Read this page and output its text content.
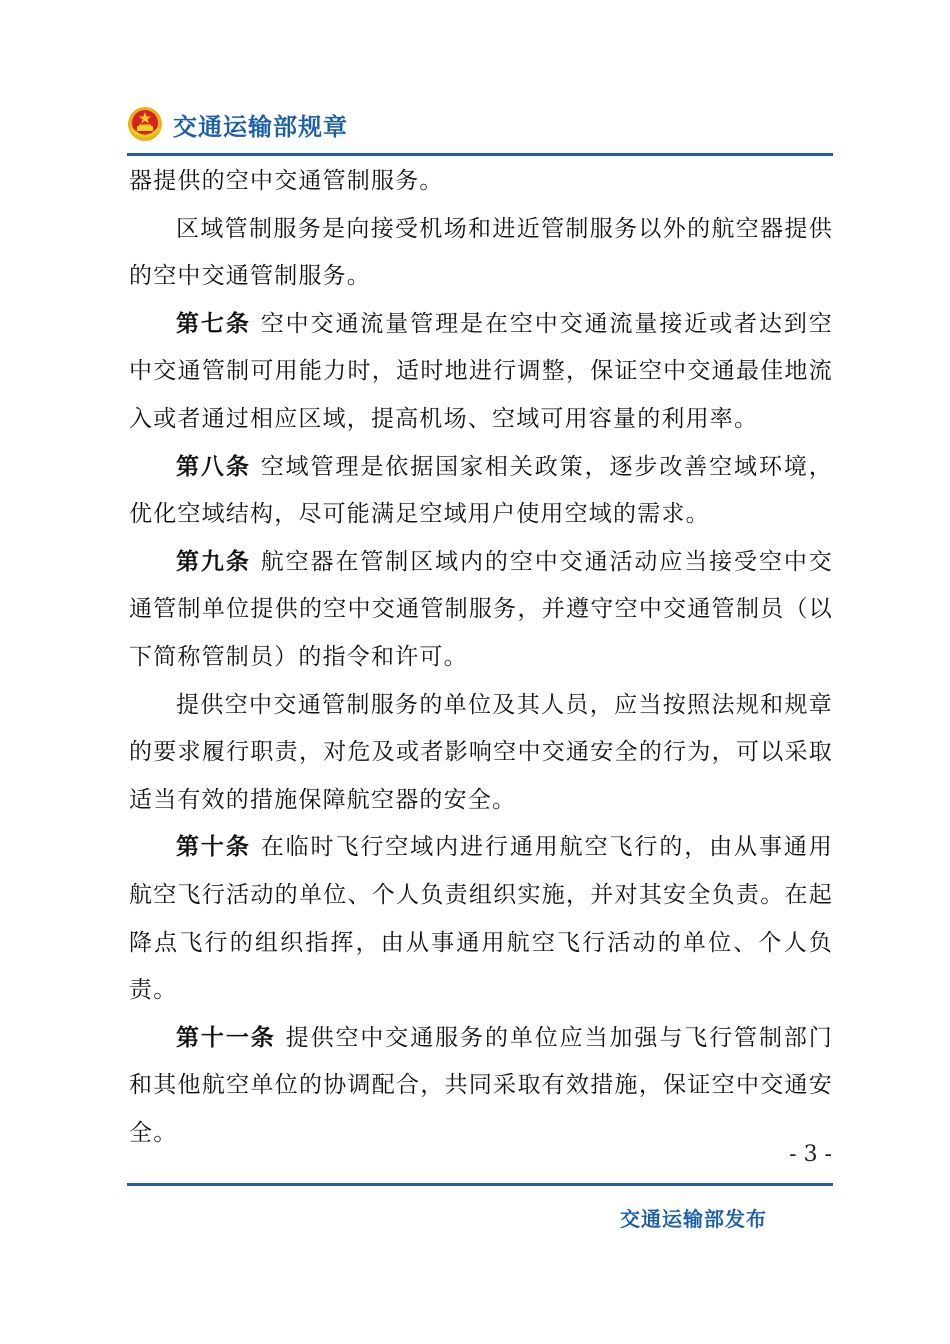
交通运输部规章

器提供的空中交通管制服务。

区域管制服务是向接受机场和进近管制服务以外的航空器提供的空中交通管制服务。

第七条 空中交通流量管理是在空中交通流量接近或者达到空中交通管制可用能力时，适时地进行调整，保证空中交通最佳地流入或者通过相应区域，提高机场、空域可用容量的利用率。

第八条 空域管理是依据国家相关政策，逐步改善空域环境，优化空域结构，尽可能满足空域用户使用空域的需求。

第九条 航空器在管制区域内的空中交通活动应当接受空中交通管制单位提供的空中交通管制服务，并遵守空中交通管制员（以下简称管制员）的指令和许可。

提供空中交通管制服务的单位及其人员，应当按照法规和规章的要求履行职责，对危及或者影响空中交通安全的行为，可以采取适当有效的措施保障航空器的安全。

第十条 在临时飞行空域内进行通用航空飞行的，由从事通用航空飞行活动的单位、个人负责组织实施，并对其安全负责。在起降点飞行的组织指挥，由从事通用航空飞行活动的单位、个人负责。

第十一条 提供空中交通服务的单位应当加强与飞行管制部门和其他航空单位的协调配合，共同采取有效措施，保证空中交通安全。

- 3 -
交通运输部发布
